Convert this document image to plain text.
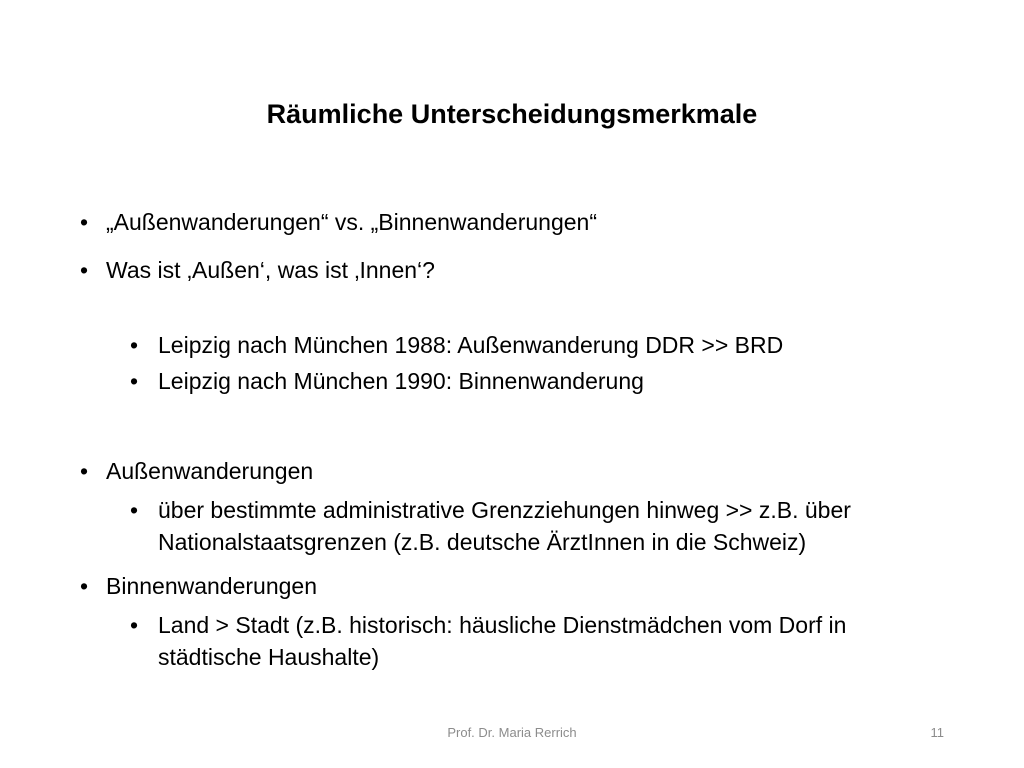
Räumliche Unterscheidungsmerkmale
• „Außenwanderungen“ vs. „Binnenwanderungen“
• Was ist ‚Außen‘, was ist ‚Innen‘?
• Leipzig nach München 1988: Außenwanderung DDR >> BRD
• Leipzig nach München 1990: Binnenwanderung
• Außenwanderungen
• über bestimmte administrative Grenzziehungen hinweg >> z.B. über
Nationalstaatsgrenzen (z.B. deutsche ÄrztInnen in die Schweiz)
• Binnenwanderungen
• Land > Stadt (z.B. historisch: häusliche Dienstmädchen vom Dorf in
städtische Haushalte)
Prof. Dr. Maria Rerrich	11
